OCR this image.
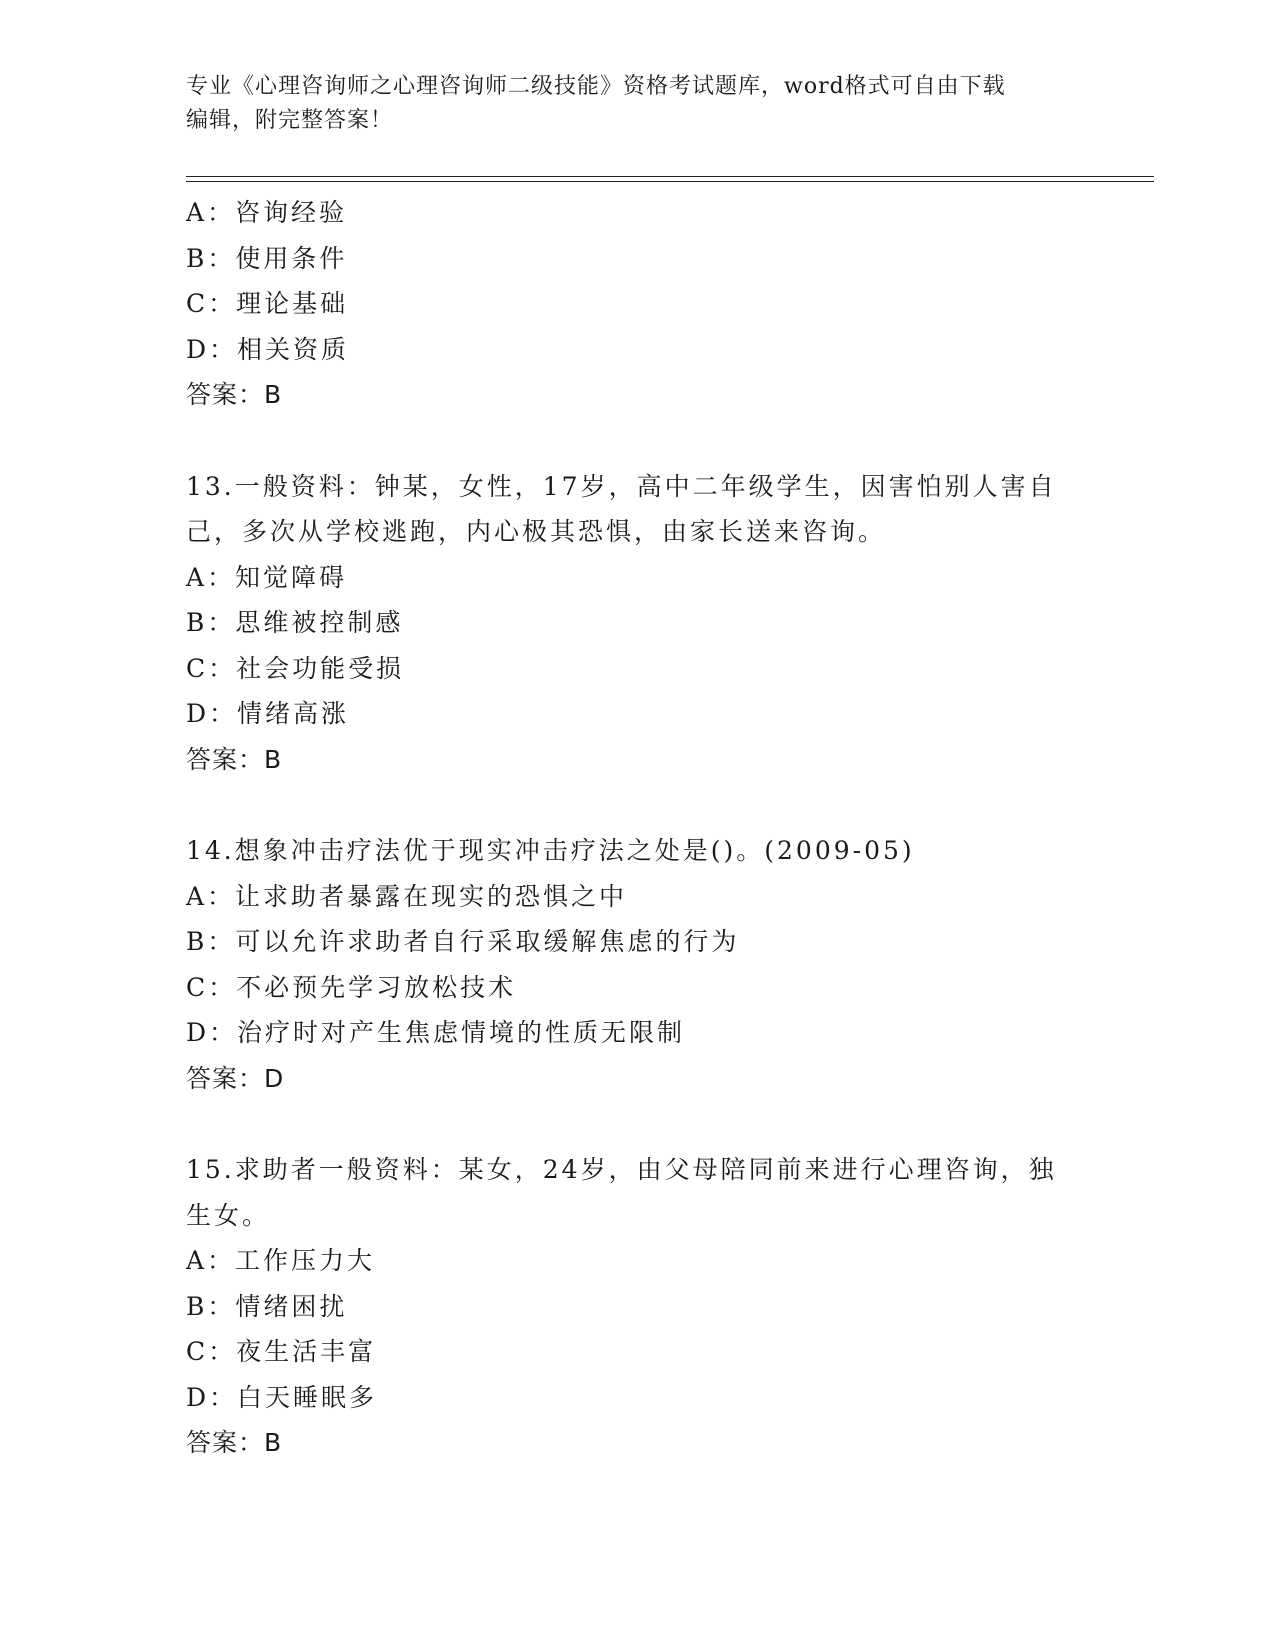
专业《心理咨询师之心理咨询师二级技能》资格考试题库，word格式可自由下载
编辑，附完整答案！
A：咨询经验
B：使用条件
C：理论基础
D：相关资质
答案：B
13.一般资料：钟某，女性，17岁，高中二年级学生，因害怕别人害自
己，多次从学校逃跑，内心极其恐惧，由家长送来咨询。
A：知觉障碍
B：思维被控制感
C：社会功能受损
D：情绪高涨
答案：B
14.想象冲击疗法优于现实冲击疗法之处是()。(2009-05)
A：让求助者暴露在现实的恐惧之中
B：可以允许求助者自行采取缓解焦虑的行为
C：不必预先学习放松技术
D：治疗时对产生焦虑情境的性质无限制
答案：D
15.求助者一般资料：某女，24岁，由父母陪同前来进行心理咨询，独
生女。
A：工作压力大
B：情绪困扰
C：夜生活丰富
D：白天睡眠多
答案：B
